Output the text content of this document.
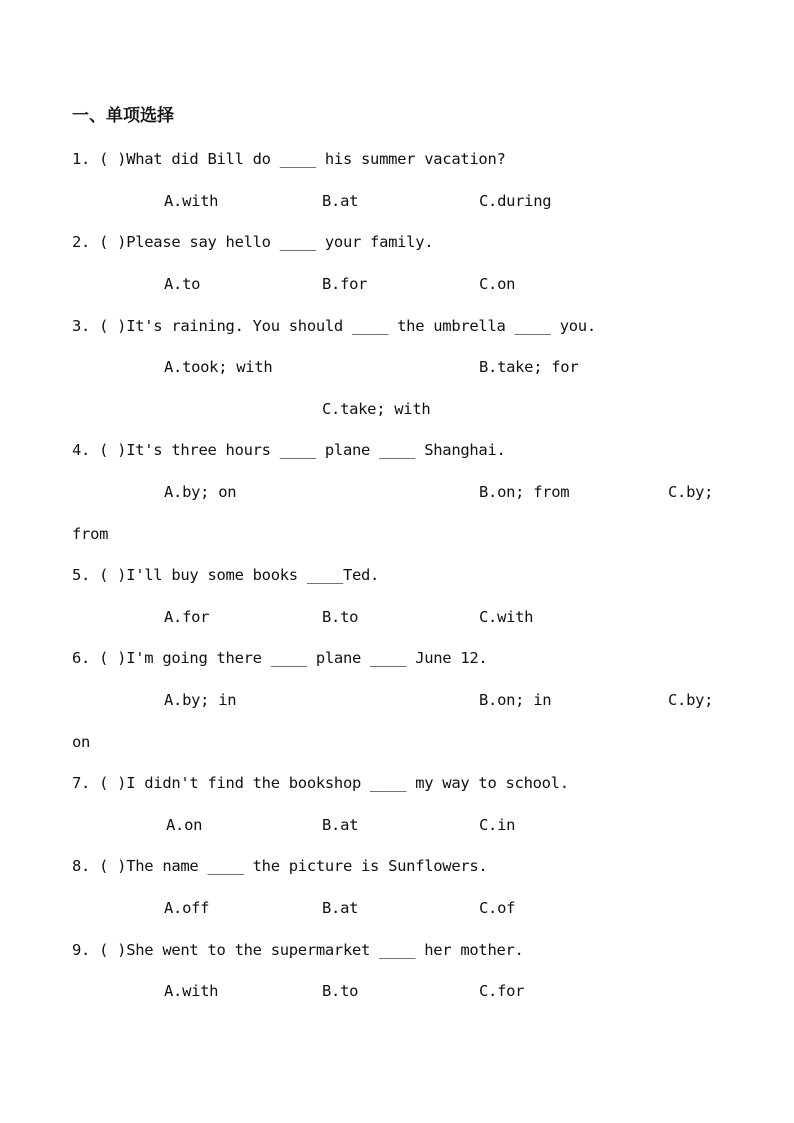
一、单项选择
1. ( )What did Bill do ____ his summer vacation?
A.with	B.at	C.during
2. ( )Please say hello ____ your family.
A.to	B.for	C.on
3. ( )It's raining. You should ____ the umbrella ____ you.
A.took; with	B.take; for
C.take; with
4. ( )It's three hours ____ plane ____ Shanghai.
A.by; on	B.on; from	C.by;
from
5. ( )I'll buy some books ____Ted.
A.for	B.to	C.with
6. ( )I'm going there ____ plane ____ June 12.
A.by; in	B.on; in	C.by;
on
7. ( )I didn't find the bookshop ____ my way to school.
A.on	B.at	C.in
8. ( )The name ____ the picture is Sunflowers.
A.off	B.at	C.of
9. ( )She went to the supermarket ____ her mother.
A.with	B.to	C.for
